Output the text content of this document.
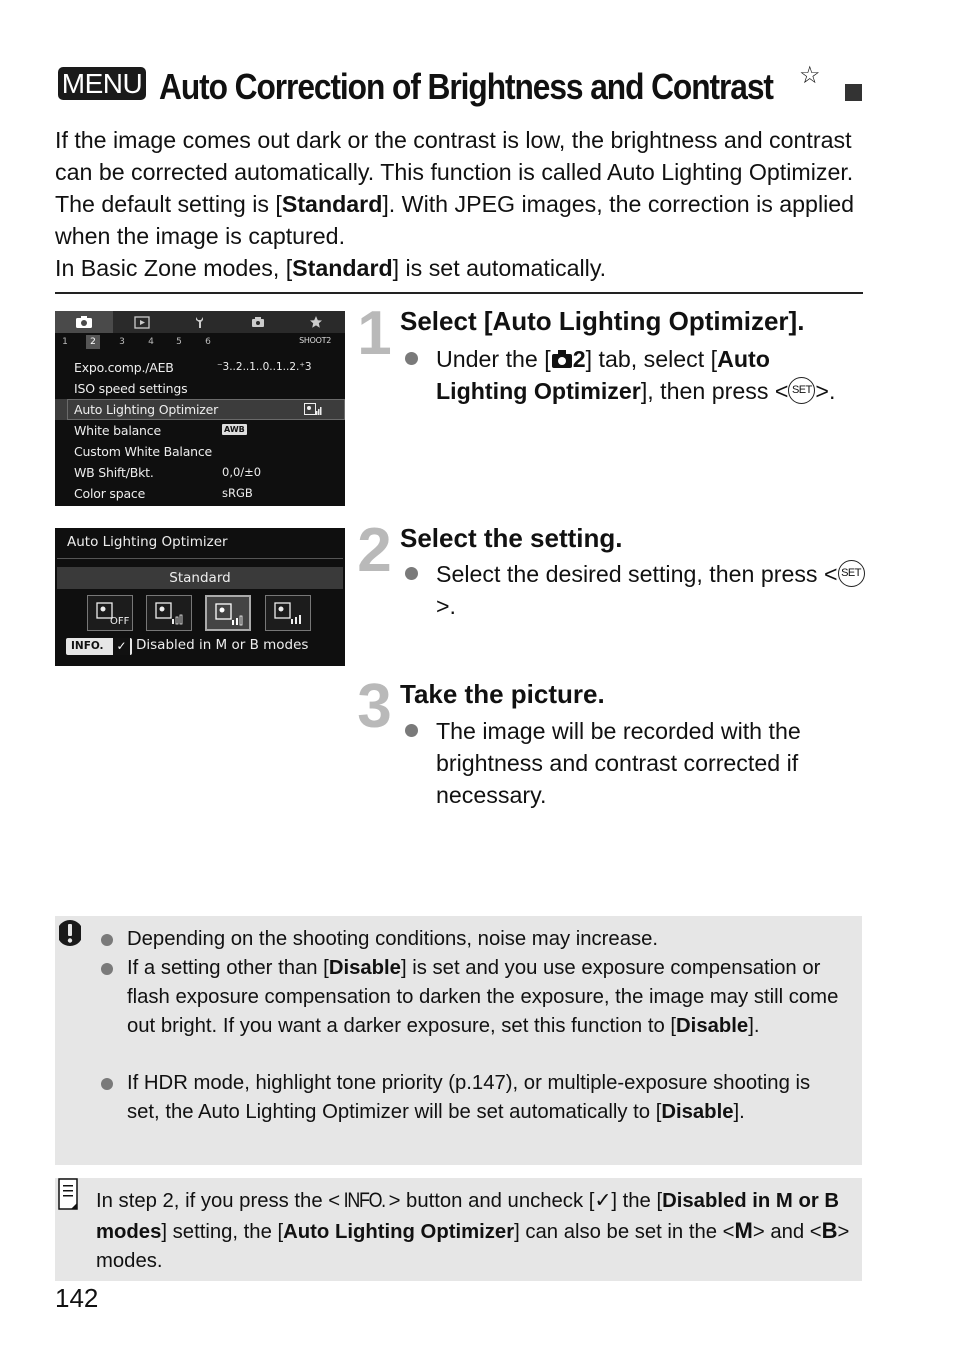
MENU Auto Correction of Brightness and Contrast ☆

If the image comes out dark or the contrast is low, the brightness and contrast can be corrected automatically. This function is called Auto Lighting Optimizer. The default setting is [Standard]. With JPEG images, the correction is applied when the image is captured.

In Basic Zone modes, [Standard] is set automatically.

1	2	3	4	5	6	SHOOT2
Expo.comp./AEB	⁻3..2..1..0..1..2.⁺3
ISO speed settings
Auto Lighting Optimizer
White balance	AWB
Custom White Balance
WB Shift/Bkt.	0,0/±0
Color space	sRGB
Auto Lighting Optimizer
Standard
OFF
INFO. ✓ Disabled in M or B modes
1 Select [Auto Lighting Optimizer].
Under the [ 2] tab, select [Auto Lighting Optimizer], then press < SET >.
2 Select the setting.
Select the desired setting, then press < SET>.
3 Take the picture.
The image will be recorded with the brightness and contrast corrected if necessary.
Depending on the shooting conditions, noise may increase.
If a setting other than [Disable] is set and you use exposure compensation or flash exposure compensation to darken the exposure, the image may still come out bright. If you want a darker exposure, set this function to [Disable].
If HDR mode, highlight tone priority (p.147), or multiple-exposure shooting is set, the Auto Lighting Optimizer will be set automatically to [Disable].
In step 2, if you press the < INFO. > button and uncheck [✓] the [Disabled in M or B modes] setting, the [Auto Lighting Optimizer] can also be set in the <M> and <B> modes.
142
